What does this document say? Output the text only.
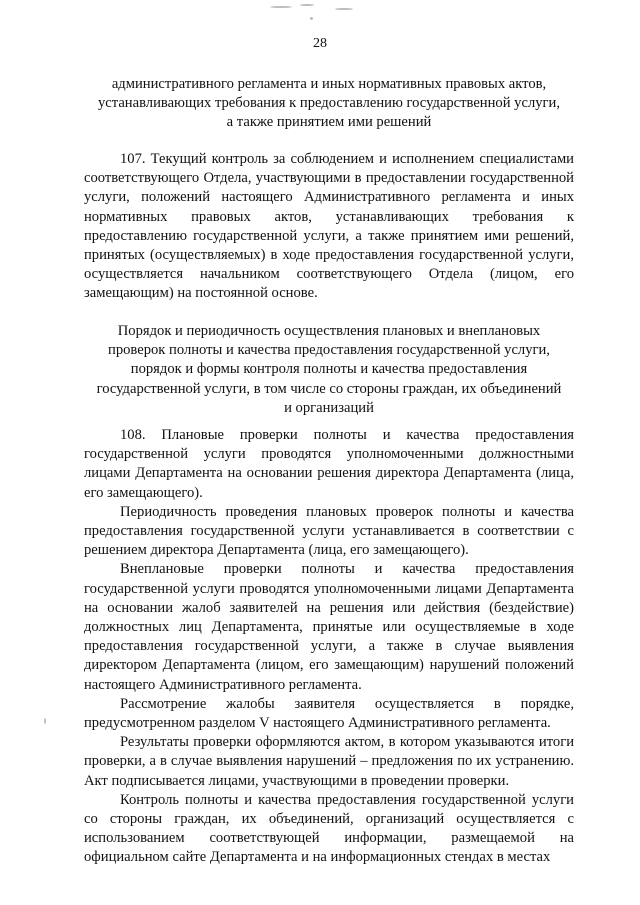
28
административного регламента и иных нормативных правовых актов,
устанавливающих требования к предоставлению государственной услуги,
а также принятием ими решений

107. Текущий контроль за соблюдением и исполнением специалистами соответствующего Отдела, участвующими в предоставлении государственной услуги, положений настоящего Административного регламента и иных нормативных правовых актов, устанавливающих требования к предоставлению государственной услуги, а также принятием ими решений, принятых (осуществляемых) в ходе предоставления государственной услуги, осуществляется начальником соответствующего Отдела (лицом, его замещающим) на постоянной основе.

Порядок и периодичность осуществления плановых и внеплановых
проверок полноты и качества предоставления государственной услуги,
порядок и формы контроля полноты и качества предоставления
государственной услуги, в том числе со стороны граждан, их объединений
и организаций

108. Плановые проверки полноты и качества предоставления государственной услуги проводятся уполномоченными должностными лицами Департамента на основании решения директора Департамента (лица, его замещающего).

Периодичность проведения плановых проверок полноты и качества предоставления государственной услуги устанавливается в соответствии с решением директора Департамента (лица, его замещающего).

Внеплановые проверки полноты и качества предоставления государственной услуги проводятся уполномоченными лицами Департамента на основании жалоб заявителей на решения или действия (бездействие) должностных лиц Департамента, принятые или осуществляемые в ходе предоставления государственной услуги, а также в случае выявления директором Департамента (лицом, его замещающим) нарушений положений настоящего Административного регламента.

Рассмотрение жалобы заявителя осуществляется в порядке, предусмотренном разделом V настоящего Административного регламента.

Результаты проверки оформляются актом, в котором указываются итоги проверки, а в случае выявления нарушений – предложения по их устранению. Акт подписывается лицами, участвующими в проведении проверки.

Контроль полноты и качества предоставления государственной услуги со стороны граждан, их объединений, организаций осуществляется с использованием соответствующей информации, размещаемой на официальном сайте Департамента и на информационных стендах в местах
